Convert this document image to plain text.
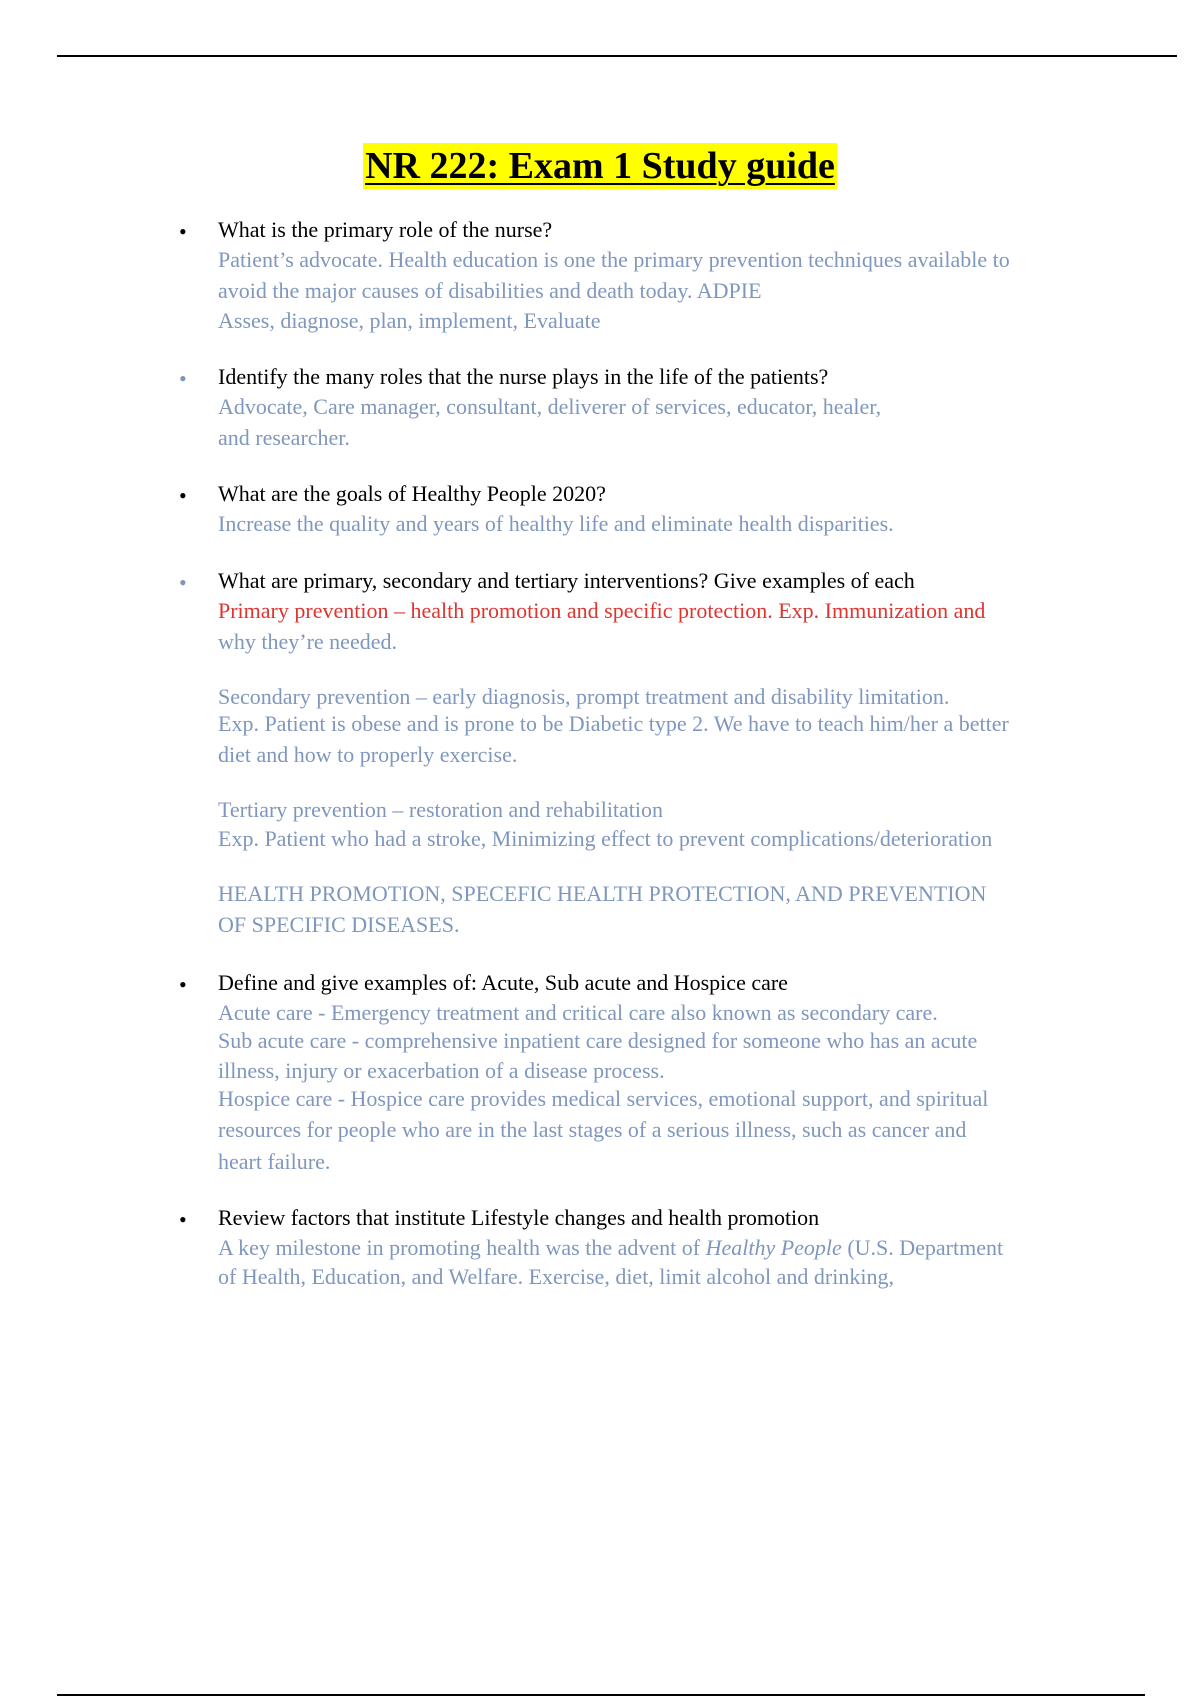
NR 222: Exam 1 Study guide
• What is the primary role of the nurse?
Patient’s advocate. Health education is one the primary prevention techniques available to
avoid the major causes of disabilities and death today. ADPIE
Asses, diagnose, plan, implement, Evaluate
• Identify the many roles that the nurse plays in the life of the patients?
Advocate, Care manager, consultant, deliverer of services, educator, healer,
and researcher.
• What are the goals of Healthy People 2020?
Increase the quality and years of healthy life and eliminate health disparities.
• What are primary, secondary and tertiary interventions? Give examples of each
Primary prevention – health promotion and specific protection. Exp. Immunization and
why they’re needed.
Secondary prevention – early diagnosis, prompt treatment and disability limitation.
Exp. Patient is obese and is prone to be Diabetic type 2. We have to teach him/her a better
diet and how to properly exercise.
Tertiary prevention – restoration and rehabilitation
Exp. Patient who had a stroke, Minimizing effect to prevent complications/deterioration
HEALTH PROMOTION, SPECEFIC HEALTH PROTECTION, AND PREVENTION
OF SPECIFIC DISEASES.
• Define and give examples of: Acute, Sub acute and Hospice care
Acute care - Emergency treatment and critical care also known as secondary care.
Sub acute care - comprehensive inpatient care designed for someone who has an acute
illness, injury or exacerbation of a disease process.
Hospice care - Hospice care provides medical services, emotional support, and spiritual
resources for people who are in the last stages of a serious illness, such as cancer and
heart failure.
• Review factors that institute Lifestyle changes and health promotion
A key milestone in promoting health was the advent of Healthy People (U.S. Department
of Health, Education, and Welfare. Exercise, diet, limit alcohol and drinking,
